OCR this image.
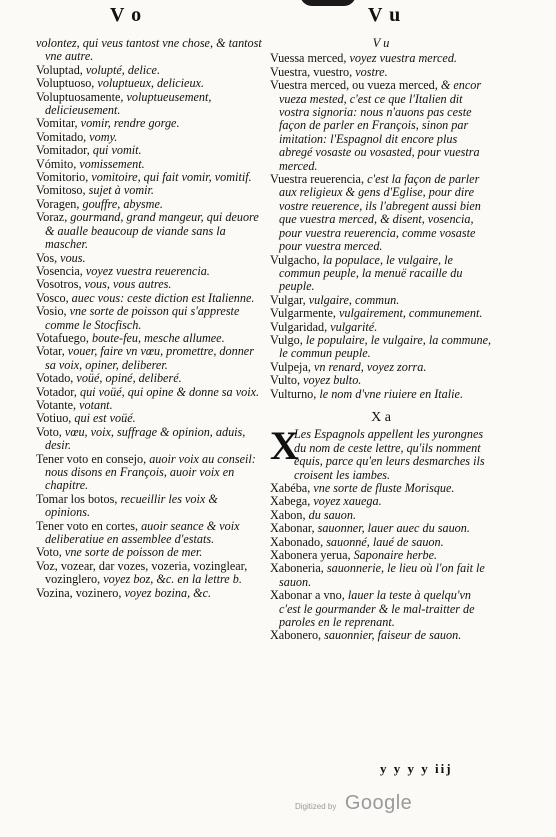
V o	V u

volontez, qui veus tantost vne chose, & tantost vne autre.

Voluptad, volupté, delice.

Voluptuoso, voluptueux, delicieux.

Voluptuosamente, voluptueusement, delicieusement.

Vomitar, vomir, rendre gorge.

Vomitado, vomy.

Vomitador, qui vomit.

Vómito, vomissement.

Vomitorio, vomitoire, qui fait vomir, vomitif.

Vomitoso, sujet à vomir.

Voragen, gouffre, abysme.

Voraz, gourmand, grand mangeur, qui deuore & aualle beaucoup de viande sans la mascher.

Vos, vous.

Vosencia, voyez vuestra reuerencia.

Vosotros, vous, vous autres.

Vosco, auec vous: ceste diction est Italienne.

Vosio, vne sorte de poisson qui s'appreste comme le Stocfisch.

Votafuego, boute-feu, mesche allumee.

Votar, vouer, faire vn vœu, promettre, donner sa voix, opiner, deliberer.

Votado, voüé, opiné, deliberé.

Votador, qui voüé, qui opine & donne sa voix.

Votante, votant.

Votiuo, qui est voüé.

Voto, vœu, voix, suffrage & opinion, aduis, desir.

Tener voto en consejo, auoir voix au conseil: nous disons en François, auoir voix en chapitre.

Tomar los botos, recueillir les voix & opinions.

Tener voto en cortes, auoir seance & voix deliberatiue en assemblee d'estats.

Voto, vne sorte de poisson de mer.

Voz, vozear, dar vozes, vozeria, vozinglear, vozinglero, voyez boz, &c. en la lettre b.

Vozina, vozinero, voyez bozina, &c.

V u

Vuessa merced, voyez vuestra merced.

Vuestra, vuestro, vostre.

Vuestra merced, ou vueza merced, & encor vueza mested, c'est ce que l'Italien dit vostra signoria: nous n'auons pas ceste façon de parler en François, sinon par imitation: l'Espagnol dit encore plus abregé vosaste ou vosasted, pour vuestra merced.

Vuestra reuerencia, c'est la façon de parler aux religieux & gens d'Eglise, pour dire vostre reuerence, ils l'abregent aussi bien que vuestra merced, & disent, vosencia, pour vuestra reuerencia, comme vosaste pour vuestra merced.

Vulgacho, la populace, le vulgaire, le commun peuple, la menuë racaille du peuple.

Vulgar, vulgaire, commun.

Vulgarmente, vulgairement, communement.

Vulgaridad, vulgarité.

Vulgo, le populaire, le vulgaire, la commune, le commun peuple.

Vulpeja, vn renard, voyez zorra.

Vulto, voyez bulto.

Vulturno, le nom d'vne riuiere en Italie.

X a
X
Les Espagnols appellent les yurongnes du nom de ceste lettre, qu'ils nomment equis, parce qu'en leurs desmarches ils croisent les iambes.

Xabéba, vne sorte de fluste Morisque.

Xabega, voyez xauega.

Xabon, du sauon.

Xabonar, sauonner, lauer auec du sauon.

Xabonado, sauonné, laué de sauon.

Xabonera yerua, Saponaire herbe.

Xaboneria, sauonnerie, le lieu où l'on fait le sauon.

Xabonar a vno, lauer la teste à quelqu'vn c'est le gourmander & le mal-traitter de paroles en le reprenant.

Xabonero, sauonnier, faiseur de sauon.

y y y y iij
Digitized by Google
